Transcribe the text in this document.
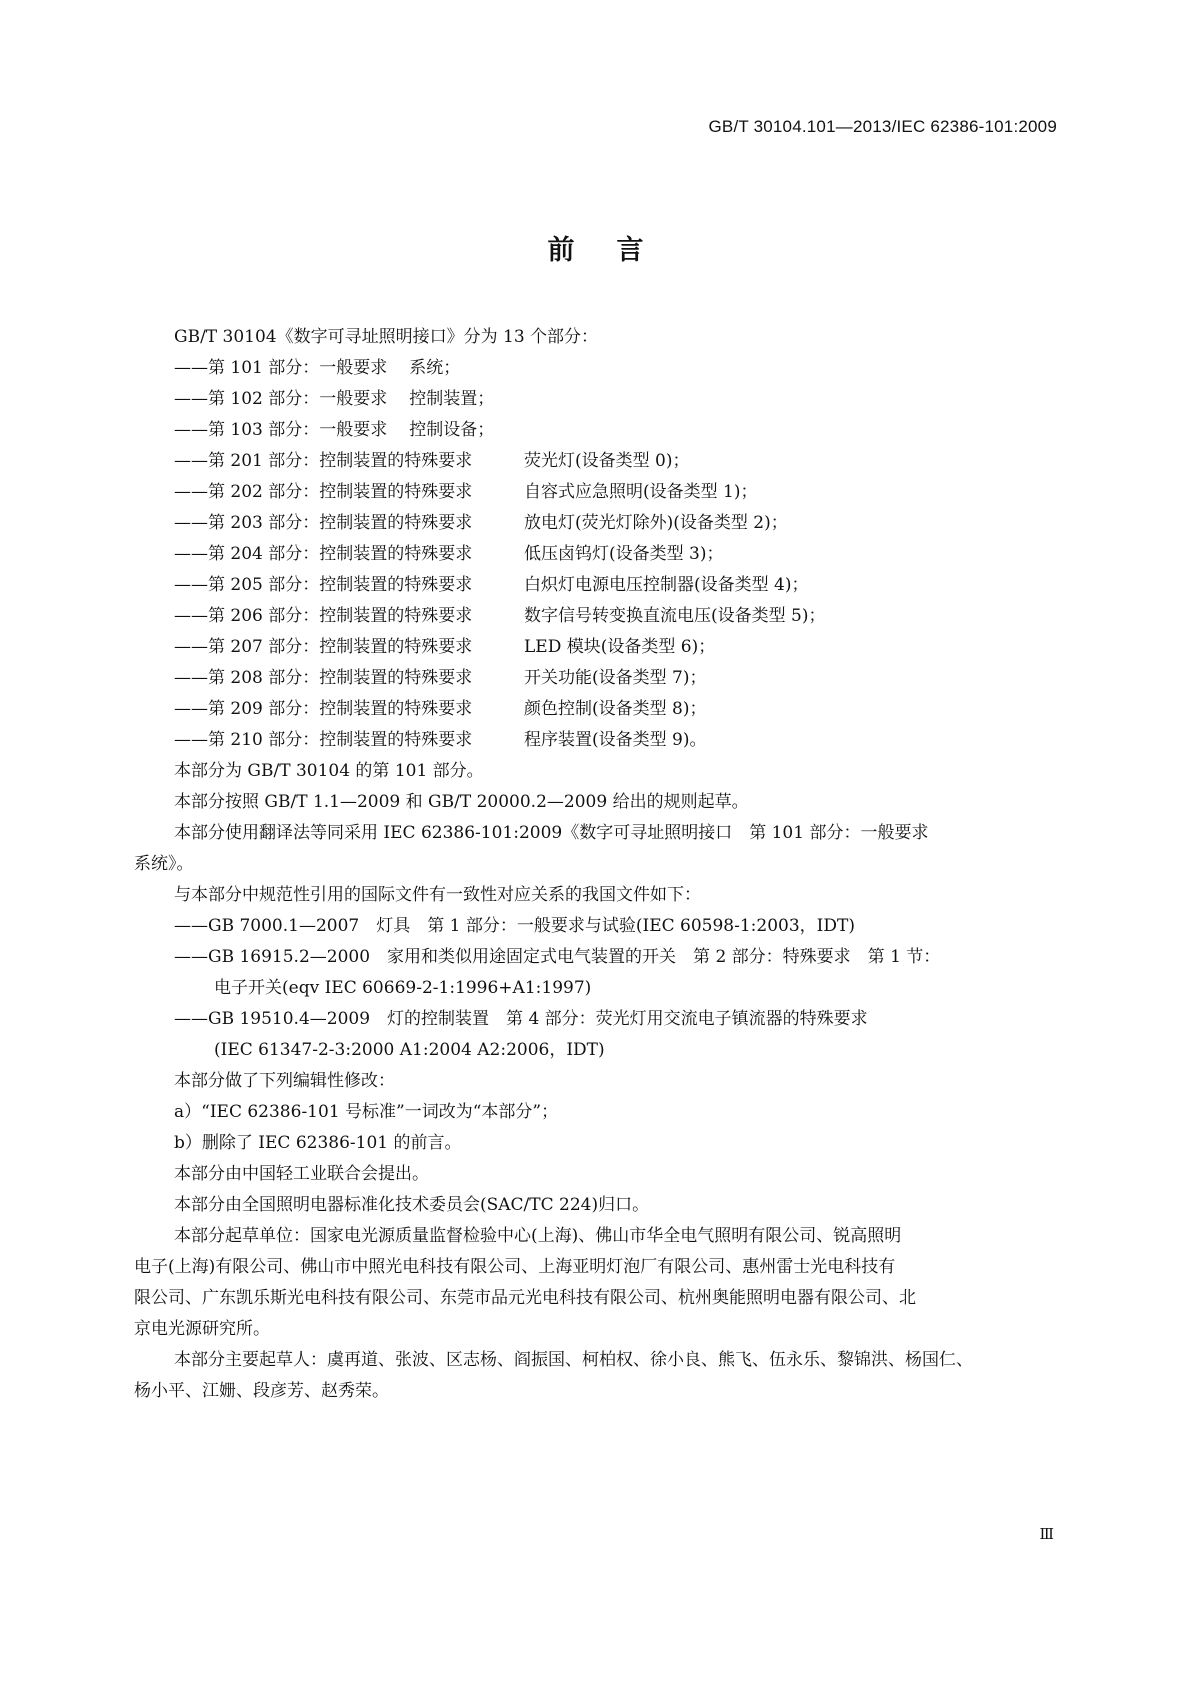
GB/T 30104.101—2013/IEC 62386-101:2009
前言
GB/T 30104《数字可寻址照明接口》分为 13 个部分：
——第 101 部分：一般要求 系统；
——第 102 部分：一般要求 控制装置；
——第 103 部分：一般要求 控制设备；
——第 201 部分：控制装置的特殊要求	荧光灯(设备类型 0)；
——第 202 部分：控制装置的特殊要求	自容式应急照明(设备类型 1)；
——第 203 部分：控制装置的特殊要求	放电灯(荧光灯除外)(设备类型 2)；
——第 204 部分：控制装置的特殊要求	低压卤钨灯(设备类型 3)；
——第 205 部分：控制装置的特殊要求	白炽灯电源电压控制器(设备类型 4)；
——第 206 部分：控制装置的特殊要求	数字信号转变换直流电压(设备类型 5)；
——第 207 部分：控制装置的特殊要求	LED 模块(设备类型 6)；
——第 208 部分：控制装置的特殊要求	开关功能(设备类型 7)；
——第 209 部分：控制装置的特殊要求	颜色控制(设备类型 8)；
——第 210 部分：控制装置的特殊要求	程序装置(设备类型 9)。
本部分为 GB/T 30104 的第 101 部分。
本部分按照 GB/T 1.1—2009 和 GB/T 20000.2—2009 给出的规则起草。
本部分使用翻译法等同采用 IEC 62386-101:2009《数字可寻址照明接口　第 101 部分：一般要求
系统》。
与本部分中规范性引用的国际文件有一致性对应关系的我国文件如下：
——GB 7000.1—2007　灯具　第 1 部分：一般要求与试验(IEC 60598-1:2003，IDT)
——GB 16915.2—2000　家用和类似用途固定式电气装置的开关　第 2 部分：特殊要求　第 1 节：
电子开关(eqv IEC 60669-2-1:1996+A1:1997)
——GB 19510.4—2009　灯的控制装置　第 4 部分：荧光灯用交流电子镇流器的特殊要求
(IEC 61347-2-3:2000 A1:2004 A2:2006，IDT)
本部分做了下列编辑性修改：
a）“IEC 62386-101 号标准”一词改为“本部分”；
b）删除了 IEC 62386-101 的前言。
本部分由中国轻工业联合会提出。
本部分由全国照明电器标准化技术委员会(SAC/TC 224)归口。
本部分起草单位：国家电光源质量监督检验中心(上海)、佛山市华全电气照明有限公司、锐高照明
电子(上海)有限公司、佛山市中照光电科技有限公司、上海亚明灯泡厂有限公司、惠州雷士光电科技有
限公司、广东凯乐斯光电科技有限公司、东莞市品元光电科技有限公司、杭州奥能照明电器有限公司、北
京电光源研究所。
本部分主要起草人：虞再道、张波、区志杨、阎振国、柯柏权、徐小良、熊飞、伍永乐、黎锦洪、杨国仁、
杨小平、江姗、段彦芳、赵秀荣。
Ⅲ
